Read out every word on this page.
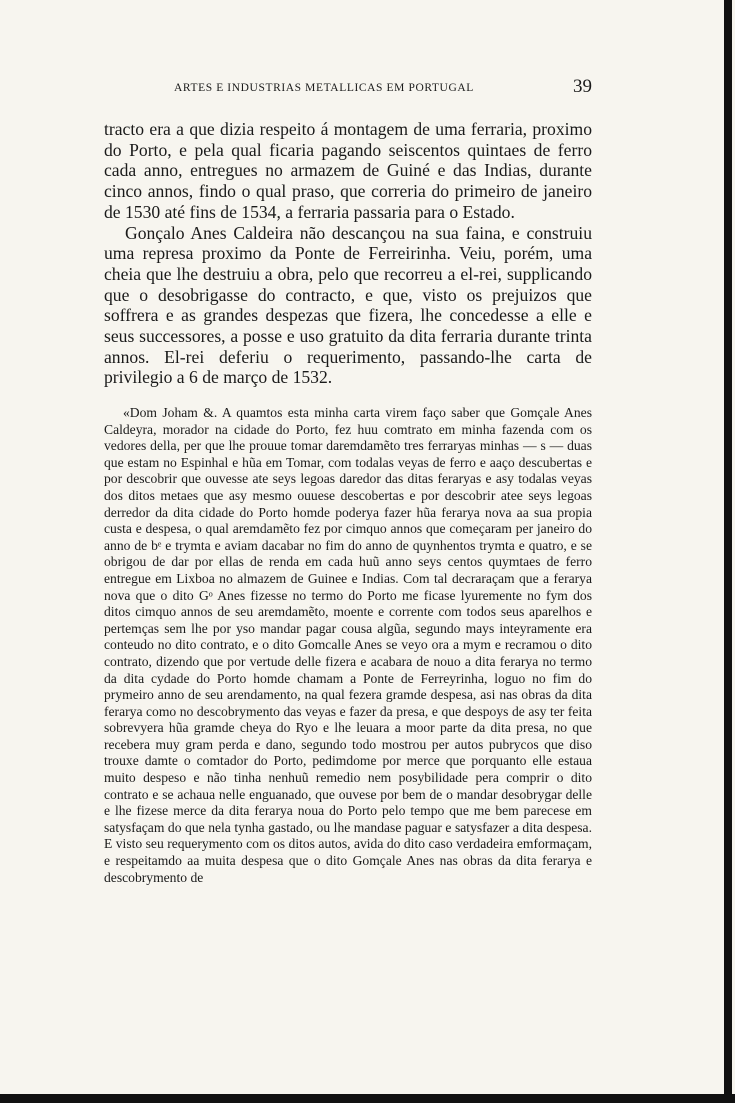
ARTES E INDUSTRIAS METALLICAS EM PORTUGAL	39

tracto era a que dizia respeito á montagem de uma ferraria, proximo do Porto, e pela qual ficaria pagando seiscentos quintaes de ferro cada anno, entregues no armazem de Guiné e das Indias, durante cinco annos, findo o qual praso, que correria do primeiro de janeiro de 1530 até fins de 1534, a ferraria passaria para o Estado.

Gonçalo Anes Caldeira não descançou na sua faina, e construiu uma represa proximo da Ponte de Ferreirinha. Veiu, porém, uma cheia que lhe destruiu a obra, pelo que recorreu a el-rei, supplicando que o desobrigasse do contracto, e que, visto os prejuizos que soffrera e as grandes despezas que fizera, lhe concedesse a elle e seus successores, a posse e uso gratuito da dita ferraria durante trinta annos. El-rei deferiu o requerimento, passando-lhe carta de privilegio a 6 de março de 1532.

«Dom Joham &. A quamtos esta minha carta virem faço saber que Gomçale Anes Caldeyra, morador na cidade do Porto, fez huu comtrato em minha fazenda com os vedores della, per que lhe prouue tomar daremdamẽto tres ferraryas minhas — s — duas que estam no Espinhal e hũa em Tomar, com todalas veyas de ferro e aaço descubertas e por descobrir que ouvesse ate seys legoas daredor das ditas feraryas e asy todalas veyas dos ditos metaes que asy mesmo ouuese descobertas e por descobrir atee seys legoas derredor da dita cidade do Porto homde poderya fazer hũa ferarya nova aa sua propia custa e despesa, o qual aremdamẽto fez por cimquo annos que começaram per janeiro do anno de bᵉ e trymta e aviam dacabar no fim do anno de quynhentos trymta e quatro, e se obrigou de dar por ellas de renda em cada huũ anno seys centos quymtaes de ferro entregue em Lixboa no almazem de Guinee e Indias. Com tal decraraçam que a ferarya nova que o dito Gᵒ Anes fizesse no termo do Porto me ficase lyuremente no fym dos ditos cimquo annos de seu aremdamẽto, moente e corrente com todos seus aparelhos e pertemças sem lhe por yso mandar pagar cousa algũa, segundo mays inteyramente era conteudo no dito contrato, e o dito Gomcalle Anes se veyo ora a mym e recramou o dito contrato, dizendo que por vertude delle fizera e acabara de nouo a dita ferarya no termo da dita cydade do Porto homde chamam a Ponte de Ferreyrinha, loguo no fim do prymeiro anno de seu arendamento, na qual fezera gramde despesa, asi nas obras da dita ferarya como no descobrymento das veyas e fazer da presa, e que despoys de asy ter feita sobrevyera hũa gramde cheya do Ryo e lhe leuara a moor parte da dita presa, no que recebera muy gram perda e dano, segundo todo mostrou per autos pubrycos que diso trouxe damte o comtador do Porto, pedimdome por merce que porquanto elle estaua muito despeso e não tinha nenhuũ remedio nem posybilidade pera comprir o dito contrato e se achaua nelle enguanado, que ouvese por bem de o mandar desobrygar delle e lhe fizese merce da dita ferarya noua do Porto pelo tempo que me bem parecese em satysfaçam do que nela tynha gastado, ou lhe mandase paguar e satysfazer a dita despesa. E visto seu requerymento com os ditos autos, avida do dito caso verdadeira emformaçam, e respeitamdo aa muita despesa que o dito Gomçale Anes nas obras da dita ferarya e descobrymento de
